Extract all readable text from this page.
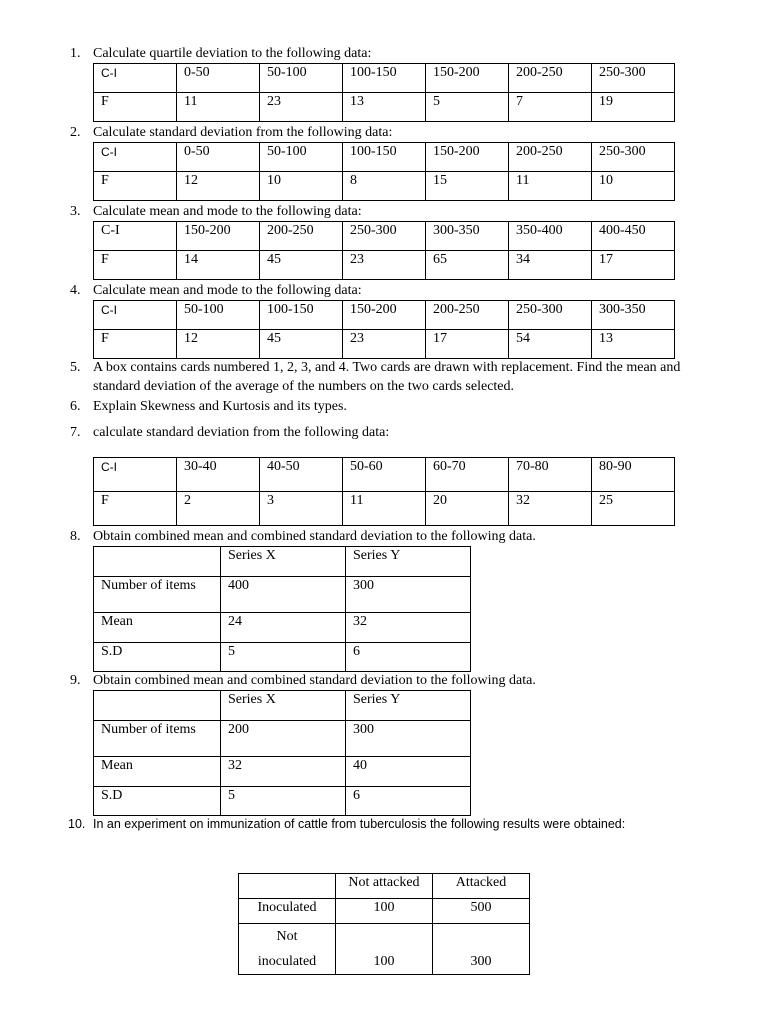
1. Calculate quartile deviation to the following data:
C-I	0-50	50-100	100-150	150-200	200-250	250-300
F	11	23	13	5	7	19
2. Calculate standard deviation from the following data:
C-I	0-50	50-100	100-150	150-200	200-250	250-300
F	12	10	8	15	11	10
3. Calculate mean and mode to the following data:
C-I	150-200	200-250	250-300	300-350	350-400	400-450
F	14	45	23	65	34	17
4. Calculate mean and mode to the following data:
C-I	50-100	100-150	150-200	200-250	250-300	300-350
F	12	45	23	17	54	13
5. A box contains cards numbered 1, 2, 3, and 4. Two cards are drawn with replacement. Find the mean and standard deviation of the average of the numbers on the two cards selected.
6. Explain Skewness and Kurtosis and its types.
7. calculate standard deviation from the following data:
C-I	30-40	40-50	50-60	60-70	70-80	80-90
F	2	3	11	20	32	25
8. Obtain combined mean and combined standard deviation to the following data.
	Series X	Series Y
Number of items	400	300
Mean	24	32
S.D	5	6
9. Obtain combined mean and combined standard deviation to the following data.
	Series X	Series Y
Number of items	200	300
Mean	32	40
S.D	5	6
10. In an experiment on immunization of cattle from tuberculosis the following results were obtained:
	Not attacked	Attacked
Inoculated	100	500

Not
inoculated	100	300
